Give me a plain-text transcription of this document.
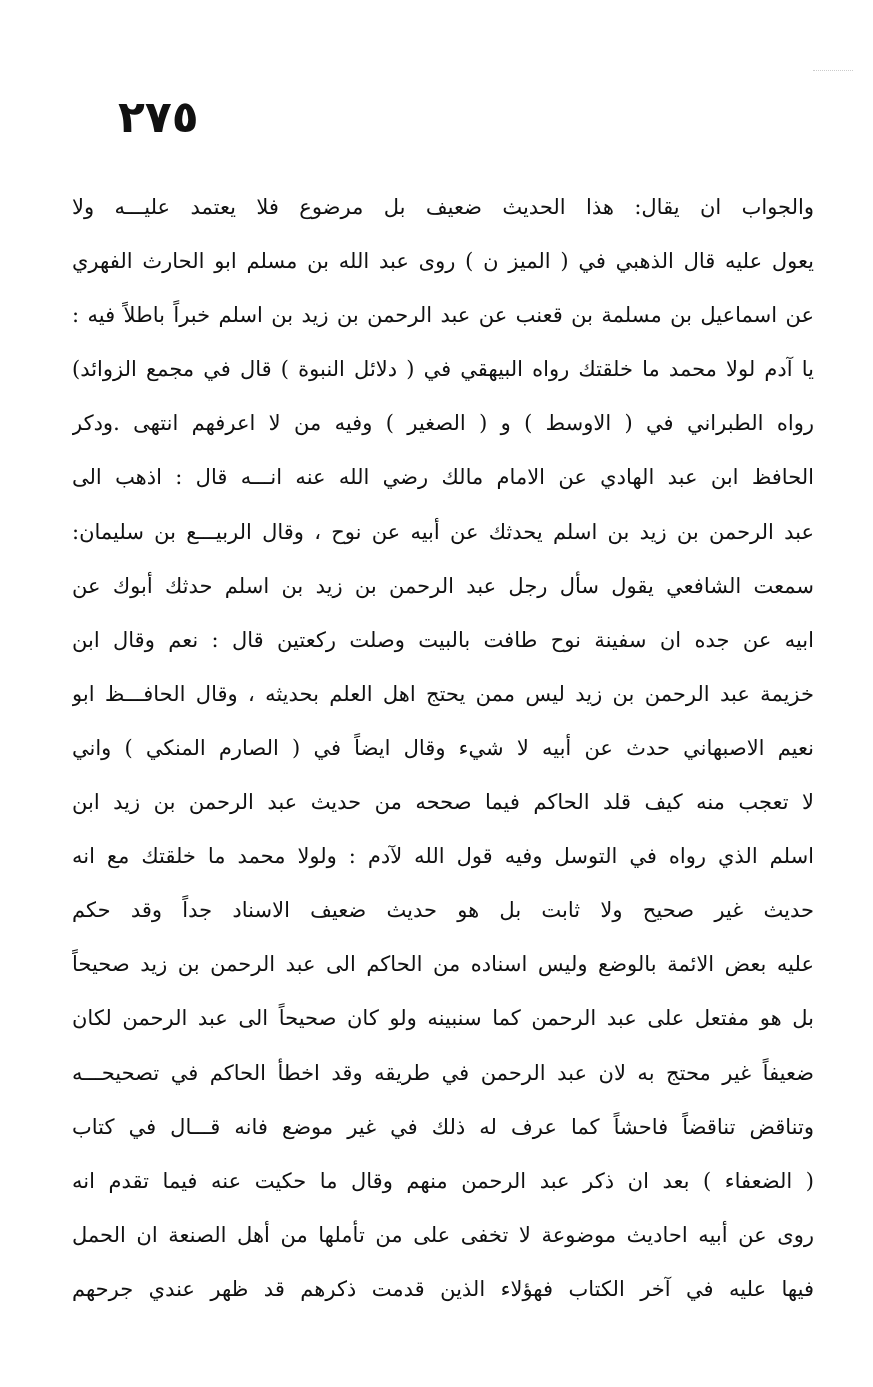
٢٧٥
والجواب ان يقال: هذا الحديث ضعيف بل مرضوع فلا يعتمد عليـــه ولا
يعول عليه قال الذهبي في ( الميز ن ) روى عبد الله بن مسلم ابو الحارث الفهري
عن اسماعيل بن مسلمة بن قعنب عن عبد الرحمن بن زيد بن اسلم خبراً باطلاً فيه :
يا آدم لولا محمد ما خلقتك رواه البيهقي في ( دلائل النبوة ) قال في مجمع الزوائد)
رواه الطبراني في ( الاوسط ) و ( الصغير ) وفيه من لا اعرفهم انتهى .ودكر
الحافظ ابن عبد الهادي عن الامام مالك رضي الله عنه انـــه قال : اذهب الى
عبد الرحمن بن زيد بن اسلم يحدثك عن أبيه عن نوح ، وقال الربيـــع بن سليمان:
سمعت الشافعي يقول سأل رجل عبد الرحمن بن زيد بن اسلم حدثك أبوك عن
ابيه عن جده ان سفينة نوح طافت بالبيت وصلت ركعتين قال : نعم وقال ابن
خزيمة عبد الرحمن بن زيد ليس ممن يحتج اهل العلم بحديثه ، وقال الحافـــظ ابو
نعيم الاصبهاني حدث عن أبيه لا شيء وقال ايضاً في ( الصارم المنكي ) واني
لا تعجب منه كيف قلد الحاكم فيما صححه من حديث عبد الرحمن بن زيد ابن
اسلم الذي رواه في التوسل وفيه قول الله لآدم : ولولا محمد ما خلقتك مع انه
حديث غير صحيح ولا ثابت بل هو حديث ضعيف الاسناد جداً وقد حكم
عليه بعض الائمة بالوضع وليس اسناده من الحاكم الى عبد الرحمن بن زيد صحيحاً
بل هو مفتعل على عبد الرحمن كما سنبينه ولو كان صحيحاً الى عبد الرحمن لكان
ضعيفاً غير محتج به لان عبد الرحمن في طريقه وقد اخطأ الحاكم في تصحيحـــه
وتناقض تناقضاً فاحشاً كما عرف له ذلك في غير موضع فانه قـــال في كتاب
( الضعفاء ) بعد ان ذكر عبد الرحمن منهم وقال ما حكيت عنه فيما تقدم انه
روى عن أبيه احاديث موضوعة لا تخفى على من تأملها من أهل الصنعة ان الحمل
فيها عليه في آخر الكتاب فهؤلاء الذين قدمت ذكرهم قد ظهر عندي جرحهم
